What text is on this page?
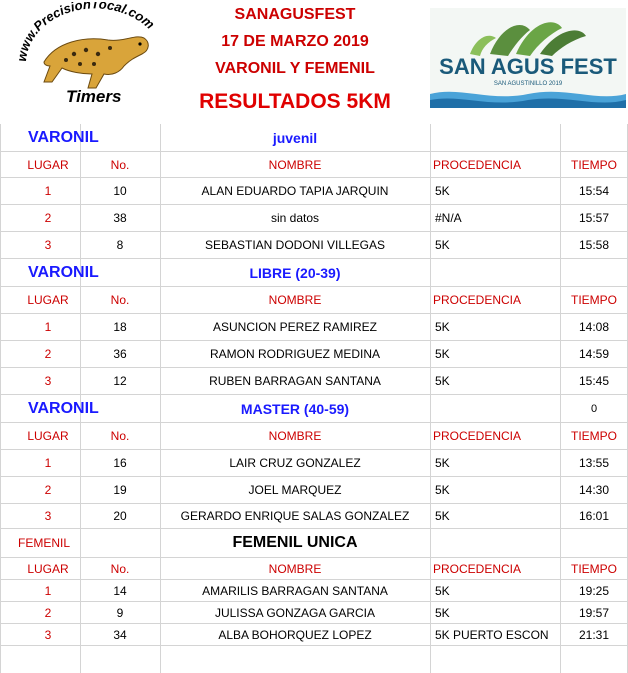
www.PrecisionTocal.com
Timers
SANAGUSFEST
17 DE MARZO 2019
VARONIL Y FEMENIL
RESULTADOS 5KM
SAN AGUS FEST
SAN AGUSTINILLO 2019
VARONIL	juvenil
LUGAR	No.	NOMBRE	PROCEDENCIA	TIEMPO
1	10	ALAN EDUARDO TAPIA JARQUIN	5K	15:54
2	38	sin datos	#N/A	15:57
3	8	SEBASTIAN DODONI VILLEGAS	5K	15:58
VARONIL	LIBRE (20-39)
LUGAR	No.	NOMBRE	PROCEDENCIA	TIEMPO
1	18	ASUNCION PEREZ RAMIREZ	5K	14:08
2	36	RAMON RODRIGUEZ MEDINA	5K	14:59
3	12	RUBEN BARRAGAN SANTANA	5K	15:45
VARONIL	MASTER (40-59)	0
LUGAR	No.	NOMBRE	PROCEDENCIA	TIEMPO
1	16	LAIR CRUZ GONZALEZ	5K	13:55
2	19	JOEL MARQUEZ	5K	14:30
3	20	GERARDO ENRIQUE SALAS GONZALEZ	5K	16:01
FEMENIL	FEMENIL UNICA
LUGAR	No.	NOMBRE	PROCEDENCIA	TIEMPO
1	14	AMARILIS BARRAGAN SANTANA	5K	19:25
2	9	JULISSA GONZAGA GARCIA	5K	19:57
3	34	ALBA BOHORQUEZ LOPEZ	5K PUERTO ESCON	21:31
